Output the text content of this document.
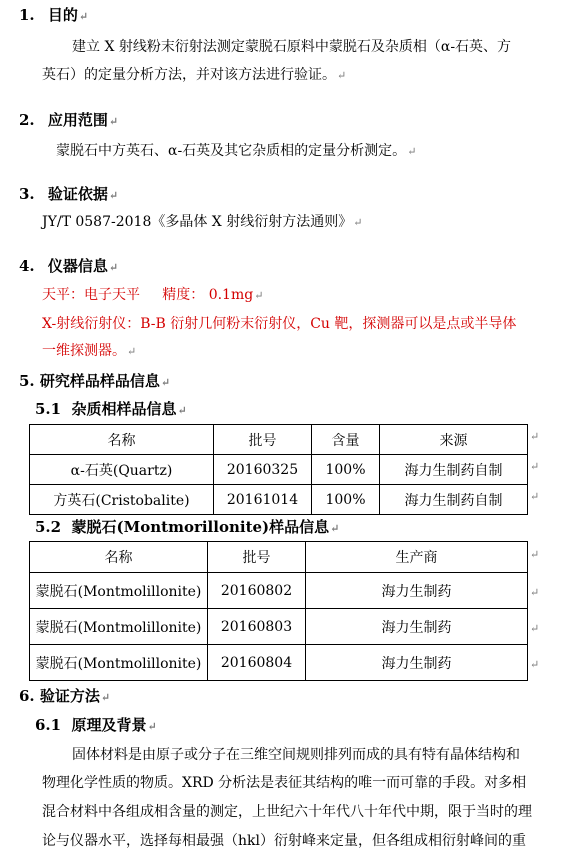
1. 目的↵
建立 X 射线粉末衍射法测定蒙脱石原料中蒙脱石及杂质相（α-石英、方
英石）的定量分析方法，并对该方法进行验证。↵
2. 应用范围↵
蒙脱石中方英石、α-石英及其它杂质相的定量分析测定。↵
3. 验证依据↵
JY/T 0587-2018《多晶体 X 射线衍射方法通则》↵
4. 仪器信息↵
天平：电子天平     精度： 0.1mg↵
X-射线衍射仪：B-B 衍射几何粉末衍射仪，Cu 靶，探测器可以是点或半导体
一维探测器。↵
5. 研究样品样品信息↵
5.1  杂质相样品信息↵
名称	批号	含量	来源
α-石英(Quartz)	20160325	100%	海力生制药自制
方英石(Cristobalite)	20161014	100%	海力生制药自制
↵
↵
↵
5.2  蒙脱石(Montmorillonite)样品信息↵
名称	批号	生产商
蒙脱石(Montmolillonite)	20160802	海力生制药
蒙脱石(Montmolillonite)	20160803	海力生制药
蒙脱石(Montmolillonite)	20160804	海力生制药
↵
↵
↵
↵
6. 验证方法↵
6.1  原理及背景↵
固体材料是由原子或分子在三维空间规则排列而成的具有特有晶体结构和
物理化学性质的物质。XRD 分析法是表征其结构的唯一而可靠的手段。对多相
混合材料中各组成相含量的测定，上世纪六十年代八十年代中期，限于当时的理
论与仪器水平，选择每相最强（hkl）衍射峰来定量，但各组成相衍射峰间的重
